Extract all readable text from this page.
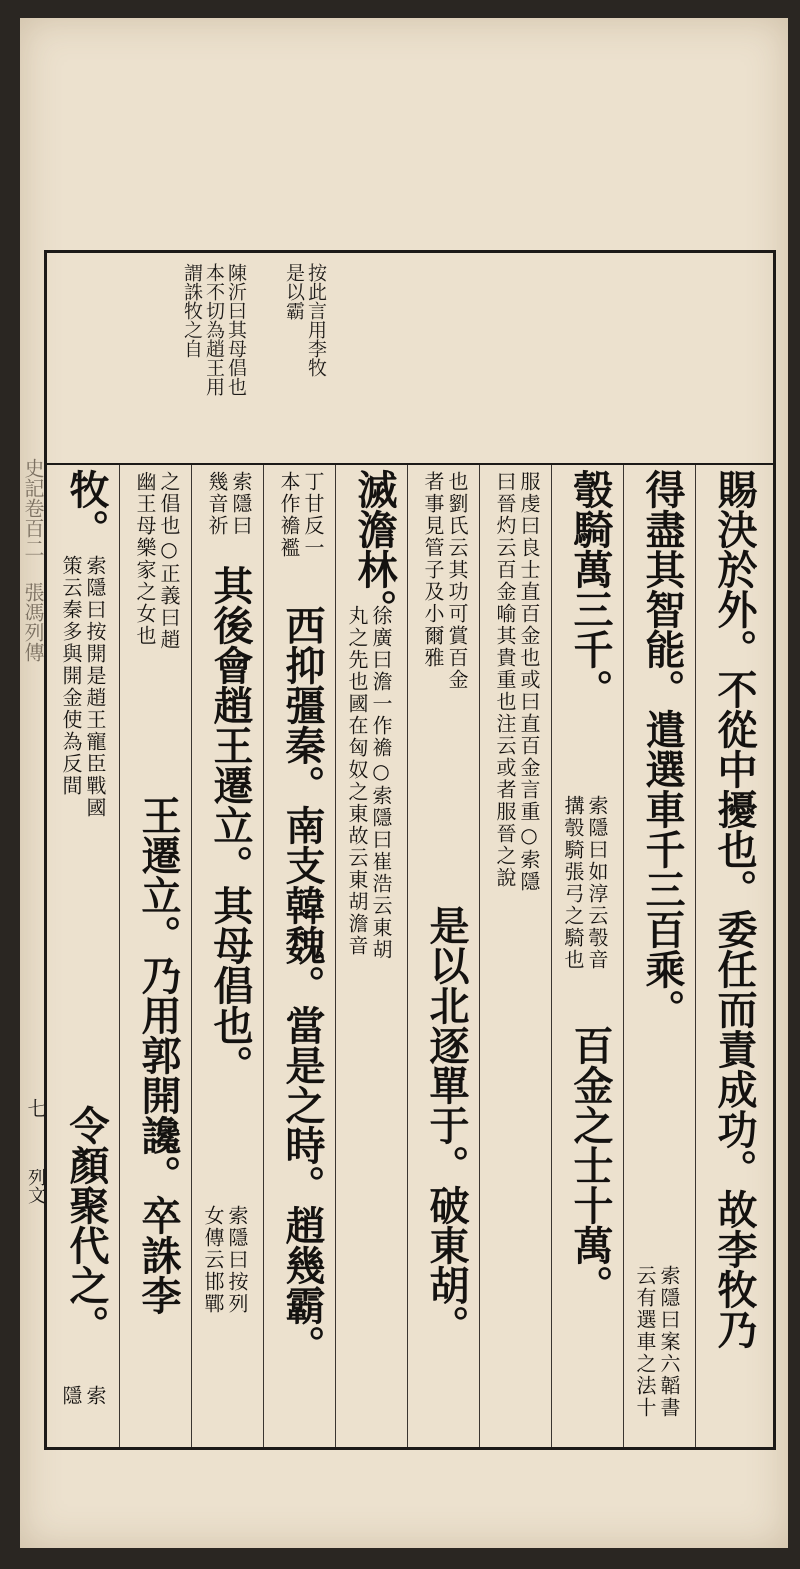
按此言用李牧
是以霸
陳沂曰其母倡也
本不切為趙王用
謂誅牧之自
賜決於外。不從中擾也。委任而責成功。故李牧乃
得盡其智能。遣選車千三百乘。
索隱曰案六韜書
云有選車之法十
彀騎萬三千。
索隱曰如淳云彀音
搆彀騎張弓之騎也
百金之士十萬。
服虔曰良士直百金也或曰直百金言重○索隱
曰晉灼云百金喻其貴重也注云或者服晉之說
也劉氏云其功可賞百金
者事見管子及小爾雅
是以北逐單于。破東胡。
滅澹林。
徐廣曰澹一作襜○索隱曰崔浩云東胡
丸之先也國在匈奴之東故云東胡澹音
丁甘反一
本作襜襤
西抑彊秦。南支韓魏。當是之時。趙幾霸。
索隱曰
幾音祈
其後會趙王遷立。其母倡也。
索隱曰按列
女傳云邯鄲
之倡也○正義曰趙
幽王母樂家之女也
王遷立。乃用郭開讒。卒誅李
牧。
索隱曰按開是趙王寵臣戰國
策云秦多與開金使為反間
令顏聚代之。
索
隱
史記卷百二 張馮列傳
七
列文
